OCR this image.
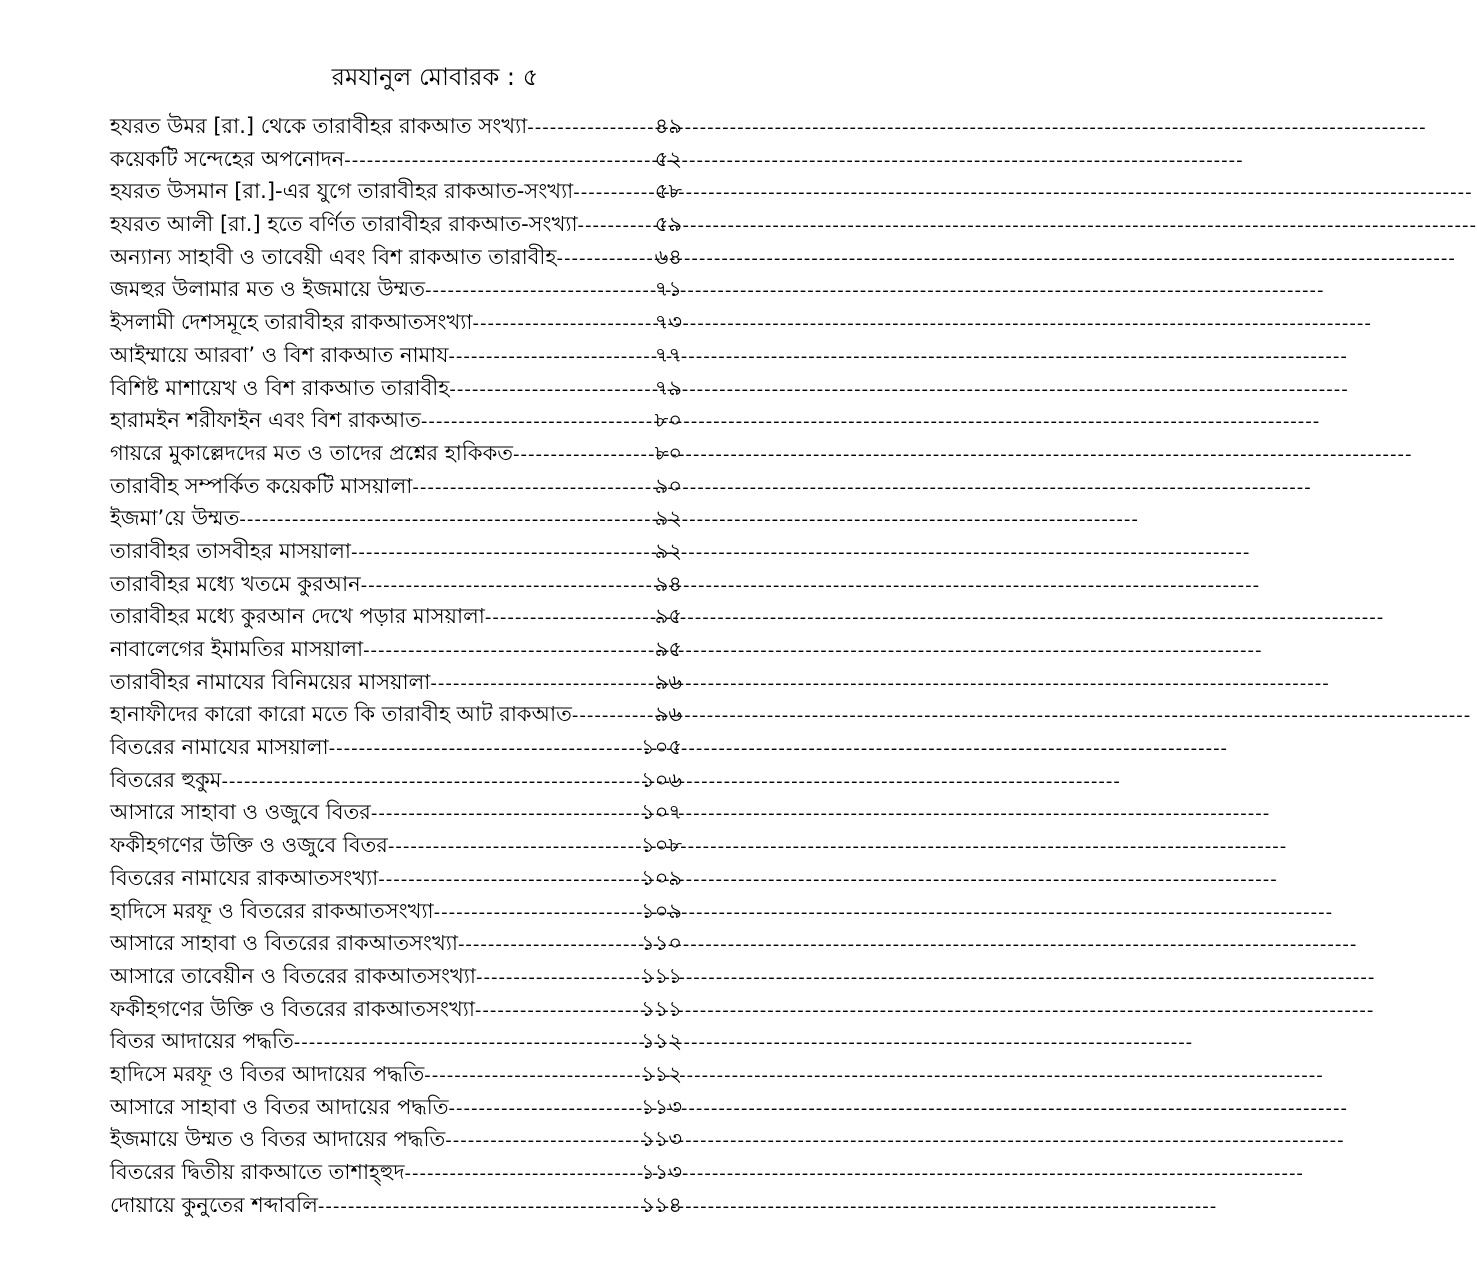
রমযানুল মোবারক : ৫
হযরত উমর [রা.] থেকে তারাবীহর রাকআত সংখ্যা -----	৪৯
কয়েকটি সন্দেহের অপনোদন -----	৫২
হযরত উসমান [রা.]-এর যুগে তারাবীহর রাকআত-সংখ্যা -----	৫৮
হযরত আলী [রা.] হতে বর্ণিত তারাবীহর রাকআত-সংখ্যা -----	৫৯
অন্যান্য সাহাবী ও তাবেয়ী এবং বিশ রাকআত তারাবীহ -----	৬৪
জমহুর উলামার মত ও ইজমায়ে উম্মত -----	৭১
ইসলামী দেশসমূহে তারাবীহর রাকআতসংখ্যা -----	৭৩
আইম্মায়ে আরবা’ ও বিশ রাকআত নামায -----	৭৭
বিশিষ্ট মাশায়েখ ও বিশ রাকআত তারাবীহ -----	৭৯
হারামইন শরীফাইন এবং বিশ রাকআত -----	৮০
গায়রে মুকাল্লেদদের মত ও তাদের প্রশ্নের হাকিকত -----	৮০
তারাবীহ সম্পর্কিত কয়েকটি মাসয়ালা -----	৯০
ইজমা’য়ে উম্মত -----	৯২
তারাবীহর তাসবীহর মাসয়ালা -----	৯২
তারাবীহর মধ্যে খতমে কুরআন -----	৯৪
তারাবীহর মধ্যে কুরআন দেখে পড়ার মাসয়ালা -----	৯৫
নাবালেগের ইমামতির মাসয়ালা -----	৯৫
তারাবীহর নামাযের বিনিময়ের মাসয়ালা -----	৯৬
হানাফীদের কারো কারো মতে কি তারাবীহ আট রাকআত -----	৯৬
বিতরের নামাযের মাসয়ালা -----	১০৫
বিতরের হুকুম -----	১০৬
আসারে সাহাবা ও ওজুবে বিতর -----	১০৭
ফকীহগণের উক্তি ও ওজুবে বিতর -----	১০৮
বিতরের নামাযের রাকআতসংখ্যা -----	১০৯
হাদিসে মরফূ ও বিতরের রাকআতসংখ্যা -----	১০৯
আসারে সাহাবা ও বিতরের রাকআতসংখ্যা -----	১১০
আসারে তাবেয়ীন ও বিতরের রাকআতসংখ্যা -----	১১১
ফকীহগণের উক্তি ও বিতরের রাকআতসংখ্যা -----	১১১
বিতর আদায়ের পদ্ধতি -----	১১২
হাদিসে মরফূ ও বিতর আদায়ের পদ্ধতি -----	১১২
আসারে সাহাবা ও বিতর আদায়ের পদ্ধতি -----	১১৩
ইজমায়ে উম্মত ও বিতর আদায়ের পদ্ধতি -----	১১৩
বিতরের দ্বিতীয় রাকআতে তাশাহ্হুদ -----	১১৩
দোয়ায়ে কুনুতের শব্দাবলি -----	১১৪
